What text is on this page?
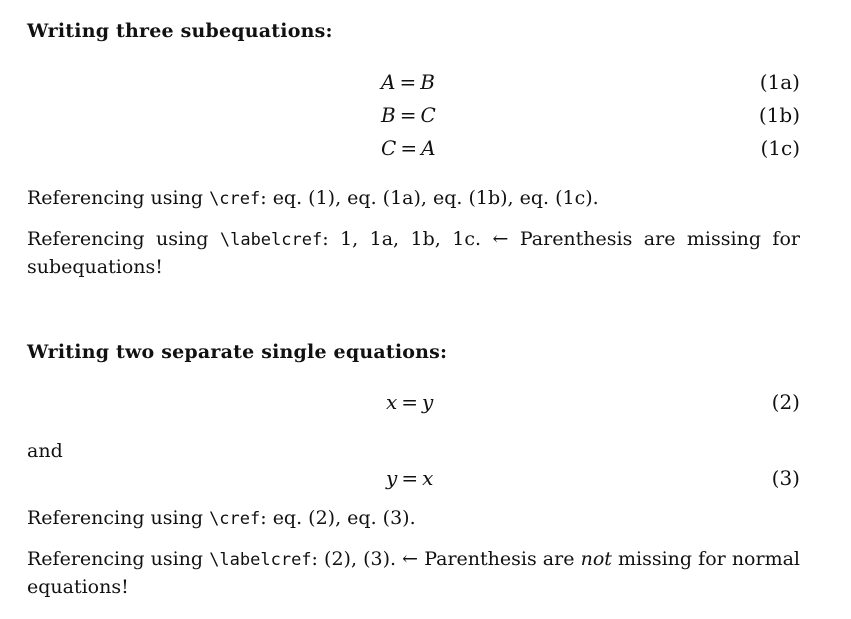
Writing three subequations:
A = B	(1a)
B = C	(1b)
C = A	(1c)
Referencing using \cref: eq. (1), eq. (1a), eq. (1b), eq. (1c).
Referencing using \labelcref: 1, 1a, 1b, 1c. ← Parenthesis are missing for subequations!
Writing two separate single equations:
x = y	(2)
and
y = x	(3)
Referencing using \cref: eq. (2), eq. (3).
Referencing using \labelcref: (2), (3). ← Parenthesis are not missing for normal equations!
